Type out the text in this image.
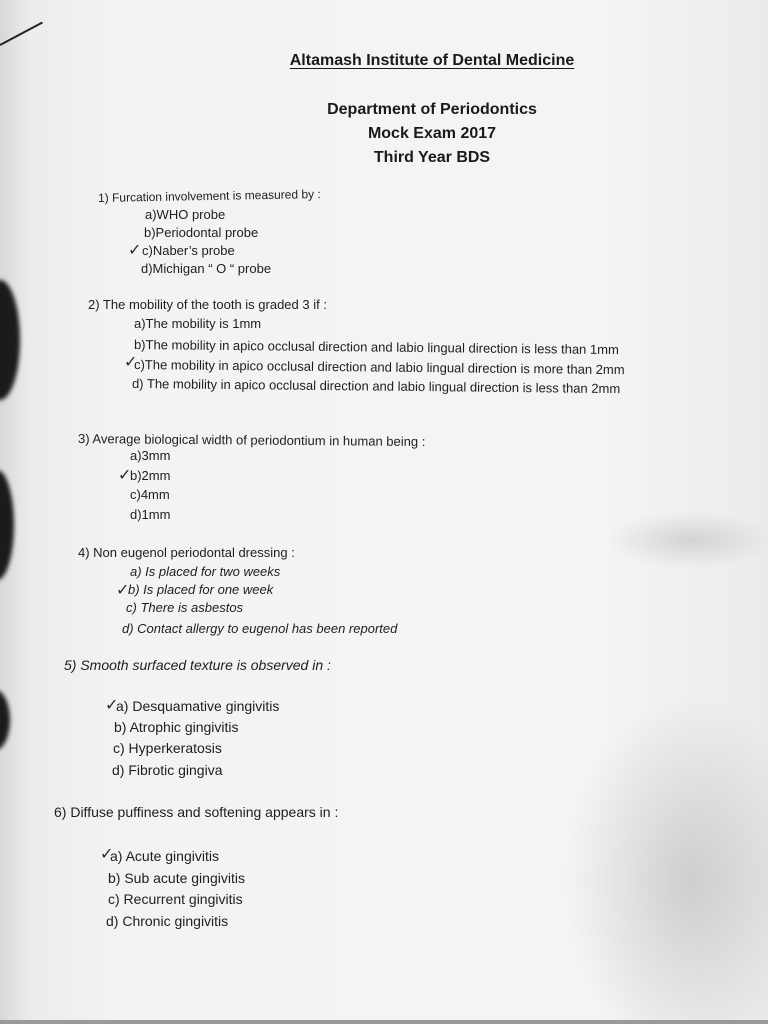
Altamash Institute of Dental Medicine
Department of Periodontics
Mock Exam 2017
Third Year BDS
1) Furcation involvement is measured by :
a)WHO probe
b)Periodontal probe
✓ c)Naber’s probe
d)Michigan “ O “ probe
2) The mobility of the tooth is graded 3 if :
a)The mobility is 1mm
b)The mobility in apico occlusal direction and labio lingual direction is less than 1mm
✓
c)The mobility in apico occlusal direction and labio lingual direction is more than 2mm
d) The mobility in apico occlusal direction and labio lingual direction is less than 2mm
3) Average biological width of periodontium in human being :
a)3mm
✓
b)2mm
c)4mm
d)1mm
4) Non eugenol periodontal dressing :
a) Is placed for two weeks
✓
b) Is placed for one week
c) There is asbestos
d) Contact allergy to eugenol has been reported
5) Smooth surfaced texture is observed in :
✓
a) Desquamative gingivitis
b) Atrophic gingivitis
c) Hyperkeratosis
d) Fibrotic gingiva
6) Diffuse puffiness and softening appears in :
✓
a) Acute gingivitis
b) Sub acute gingivitis
c) Recurrent gingivitis
d) Chronic gingivitis
